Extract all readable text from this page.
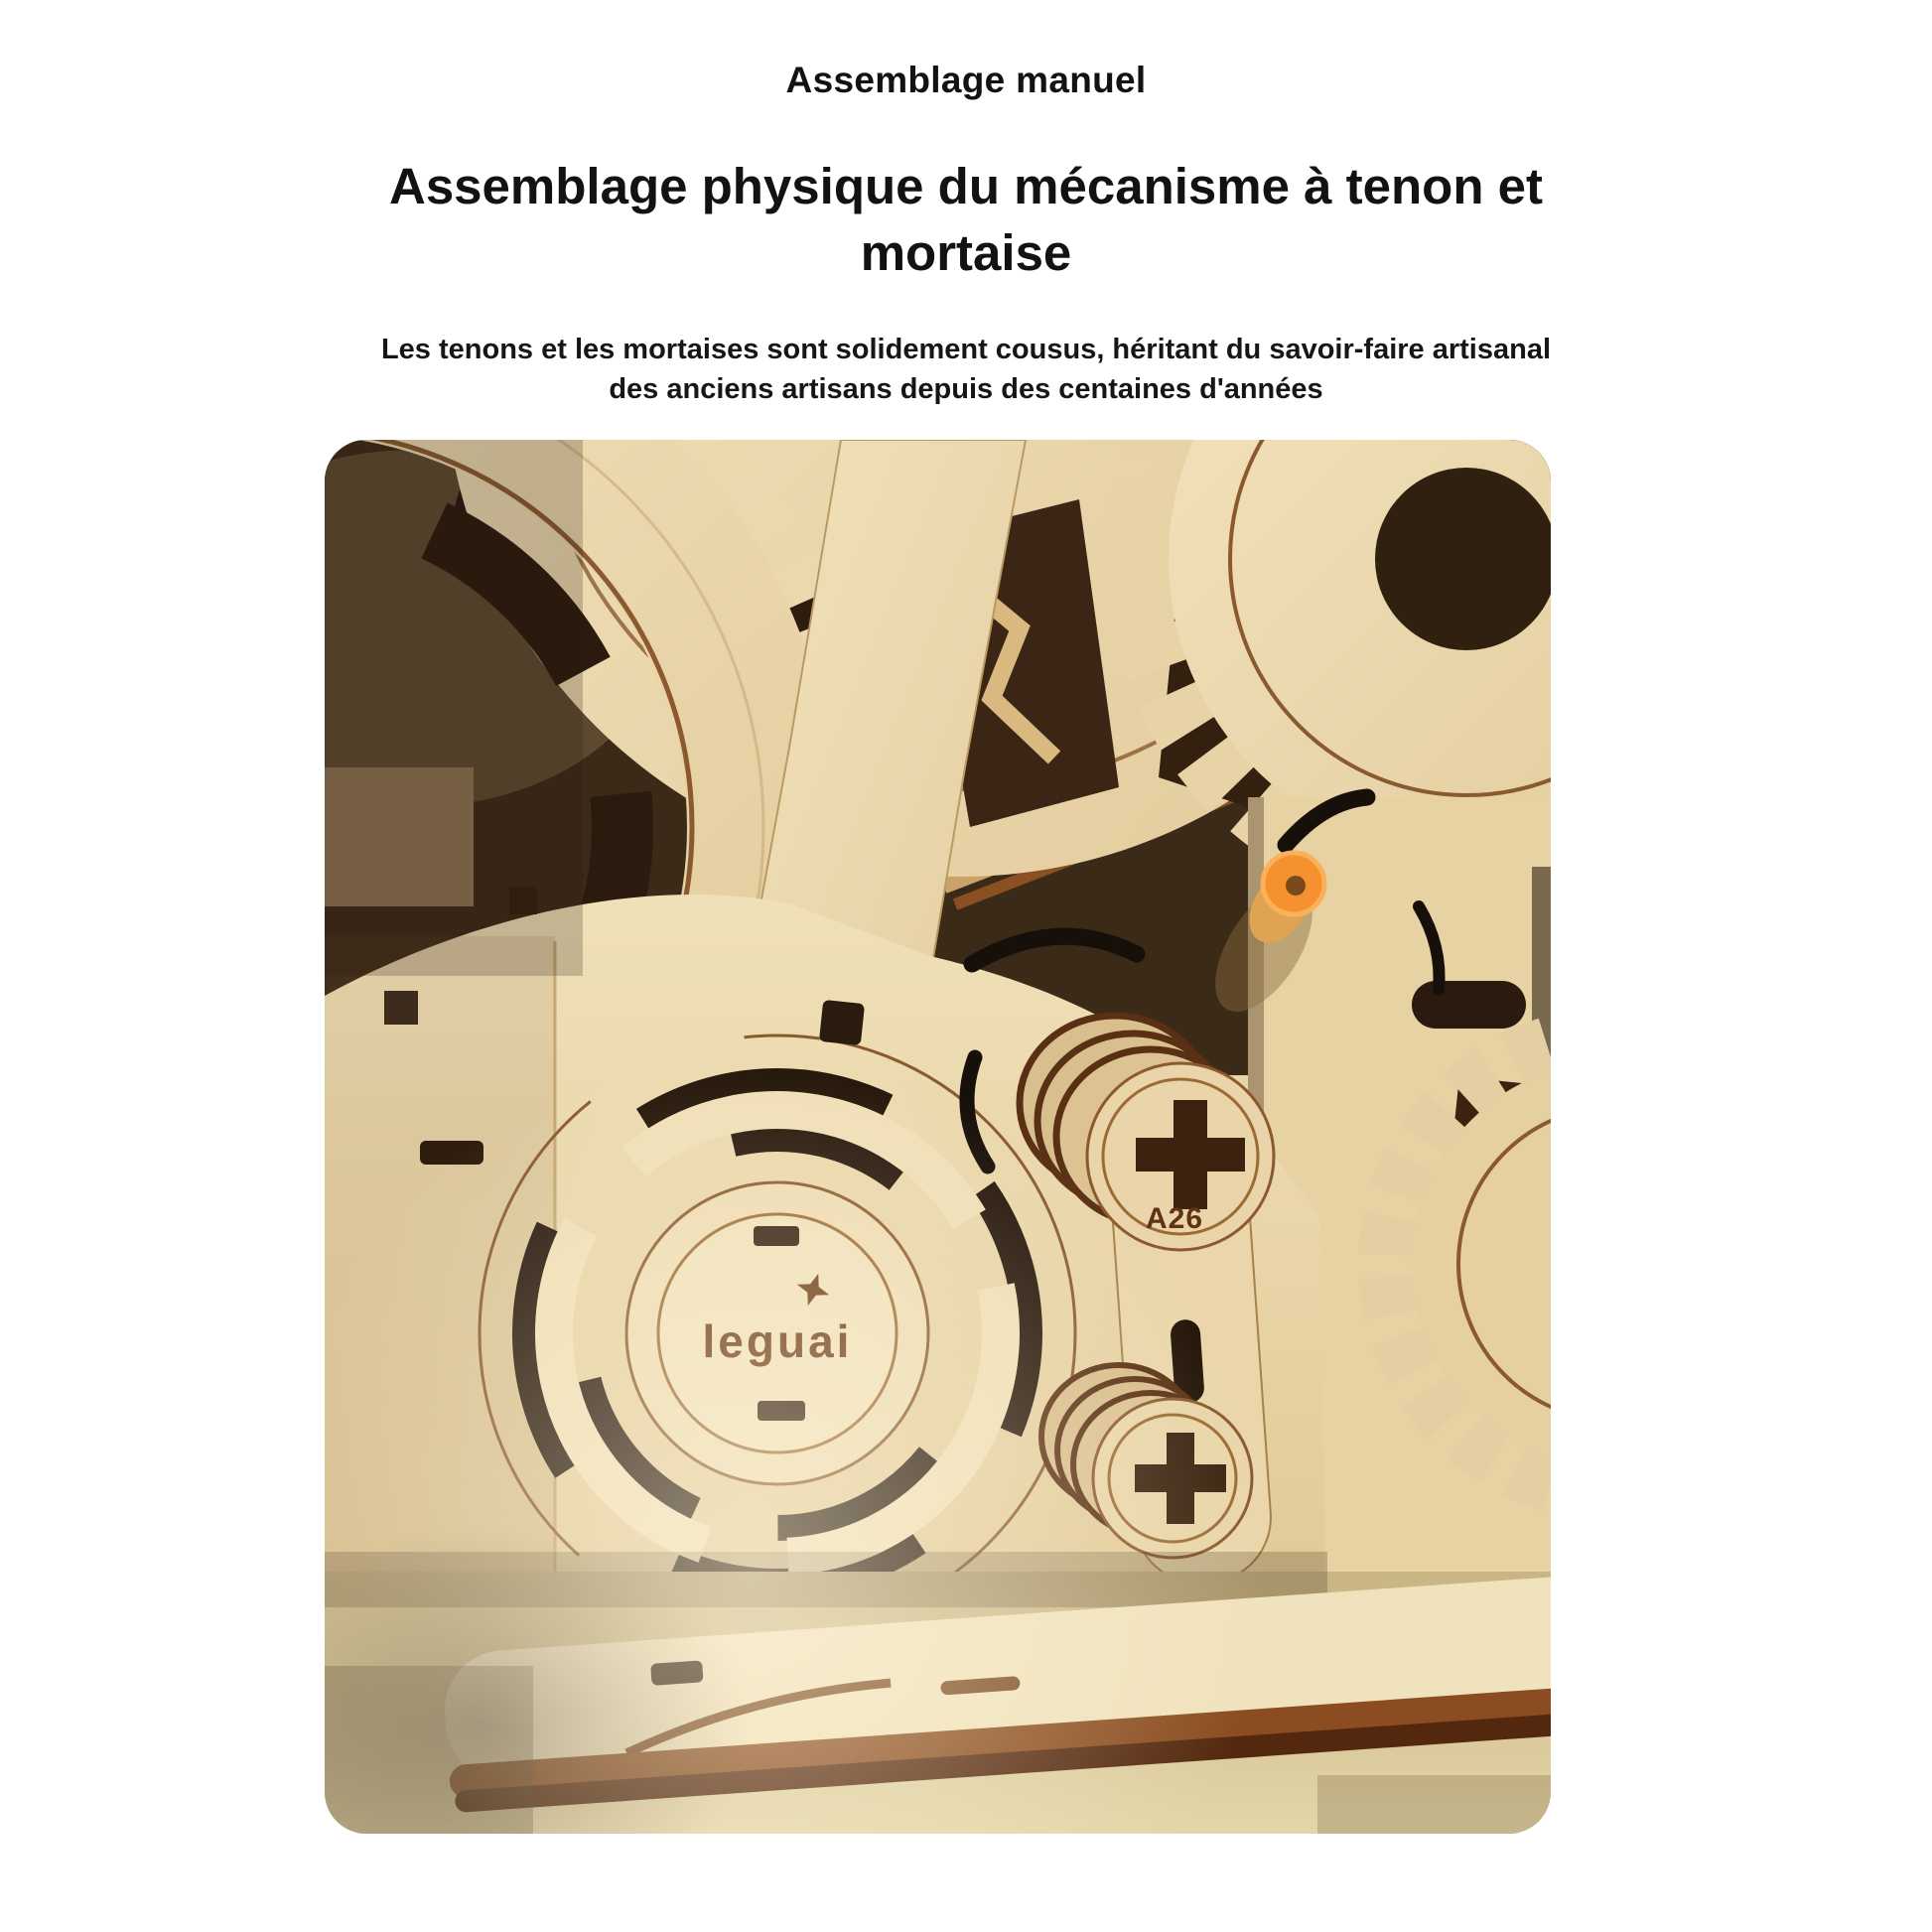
Assemblage manuel
Assemblage physique du mécanisme à tenon et
mortaise
Les tenons et les mortaises sont solidement cousus, héritant du savoir-faire artisanal
des anciens artisans depuis des centaines d'années
A26
